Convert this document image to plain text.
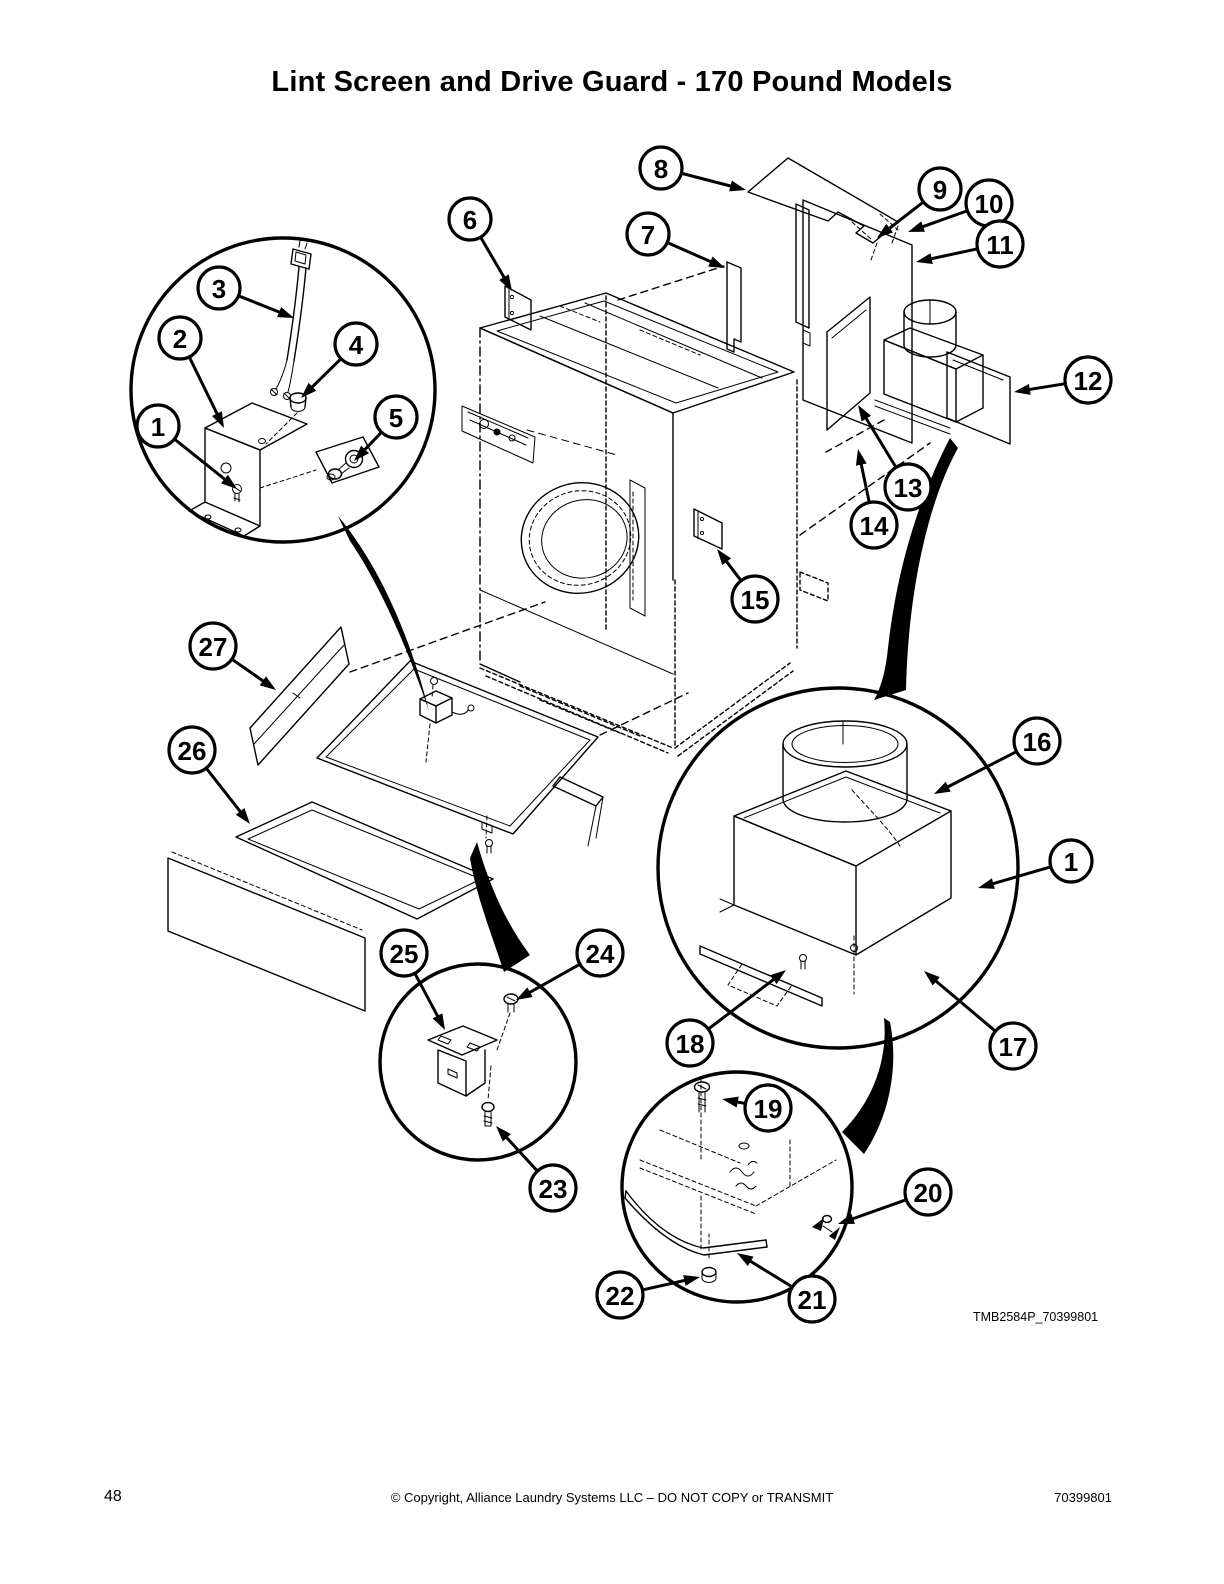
Lint Screen and Drive Guard - 170 Pound Models
1
2
3
4
5
6	7
8
9 10
11
12
13
14
15
16
1
17
18
19
20
21
22
23
24
25
26
27
TMB2584P_70399801
48	© Copyright, Alliance Laundry Systems LLC – DO NOT COPY or TRANSMIT	70399801
